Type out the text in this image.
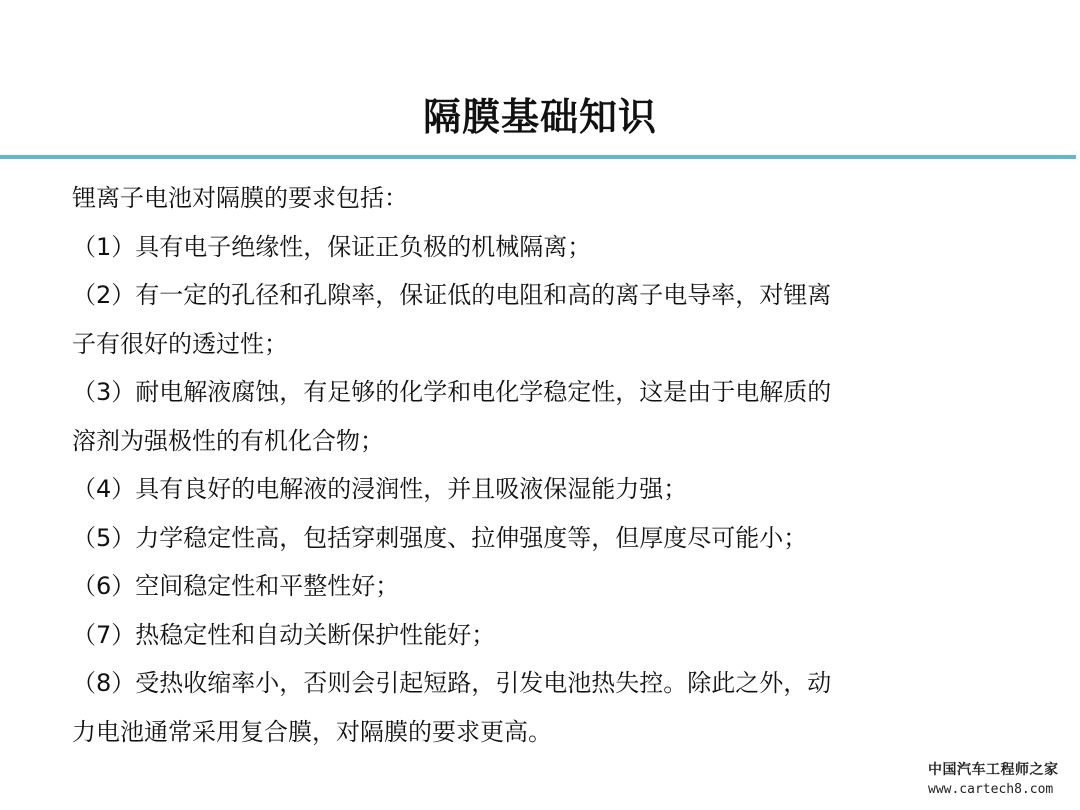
隔膜基础知识
锂离子电池对隔膜的要求包括：
（1）具有电子绝缘性，保证正负极的机械隔离；
（2）有一定的孔径和孔隙率，保证低的电阻和高的离子电导率，对锂离
子有很好的透过性；
（3）耐电解液腐蚀，有足够的化学和电化学稳定性，这是由于电解质的
溶剂为强极性的有机化合物；
（4）具有良好的电解液的浸润性，并且吸液保湿能力强；
（5）力学稳定性高，包括穿刺强度、拉伸强度等，但厚度尽可能小；
（6）空间稳定性和平整性好；
（7）热稳定性和自动关断保护性能好；
（8）受热收缩率小，否则会引起短路，引发电池热失控。除此之外，动
力电池通常采用复合膜，对隔膜的要求更高。
中国汽车工程师之家
www.cartech8.com
